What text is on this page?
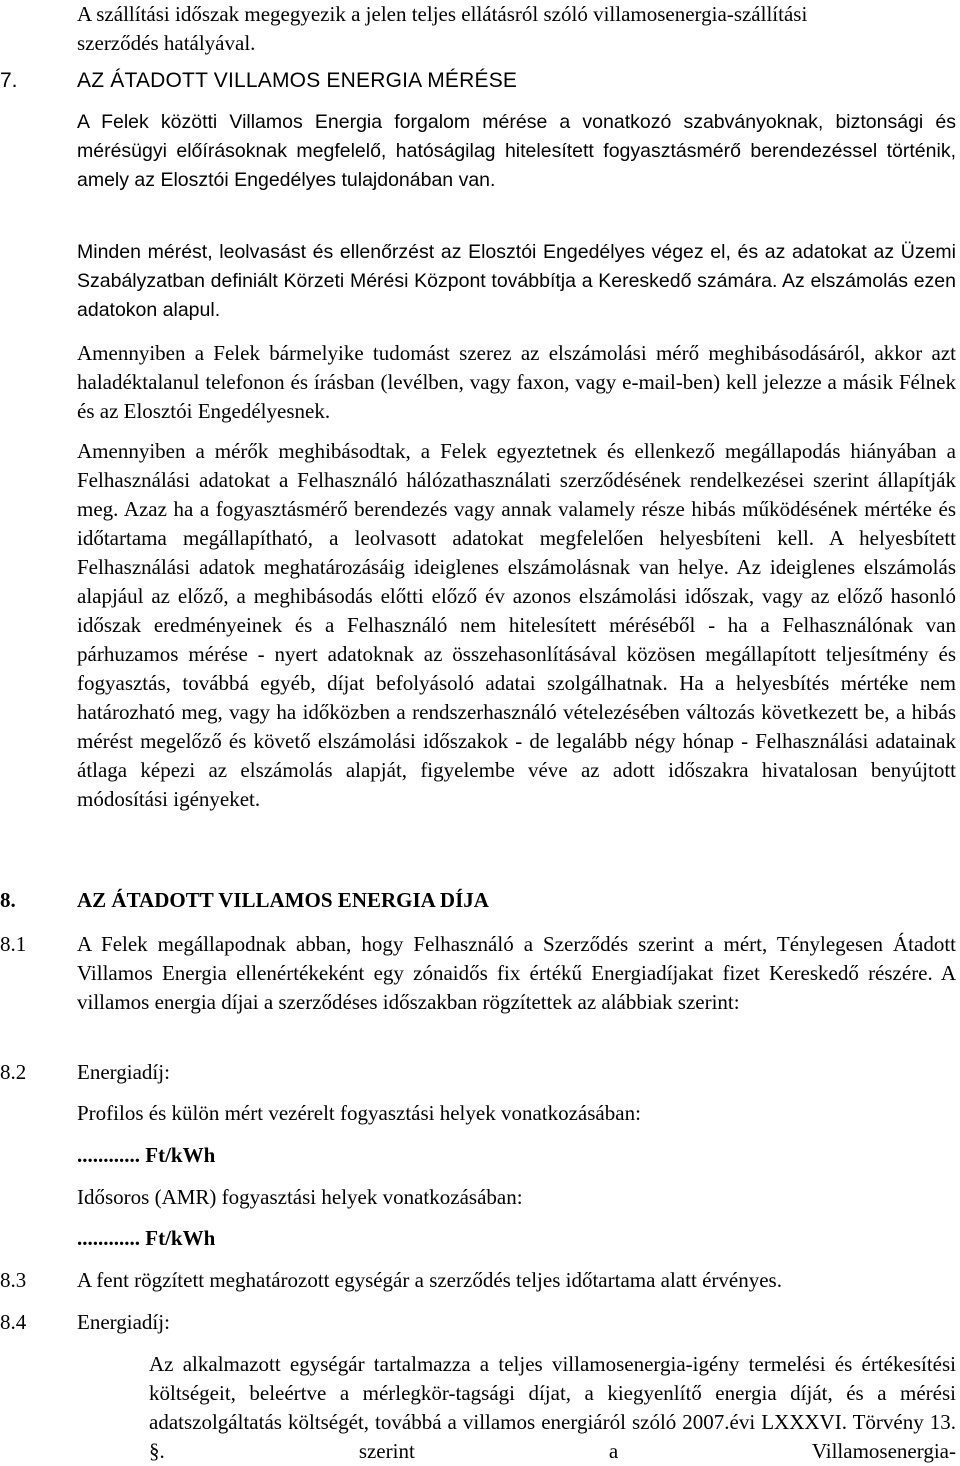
A szállítási időszak megegyezik a jelen teljes ellátásról szóló villamosenergia-szállítási
szerződés hatályával.
7.	AZ ÁTADOTT VILLAMOS ENERGIA MÉRÉSE
A Felek közötti Villamos Energia forgalom mérése a vonatkozó szabványoknak, biztonsági és mérésügyi előírásoknak megfelelő, hatóságilag hitelesített fogyasztásmérő berendezéssel történik, amely az Elosztói Engedélyes tulajdonában van.
Minden mérést, leolvasást és ellenőrzést az Elosztói Engedélyes végez el, és az adatokat az Üzemi Szabályzatban definiált Körzeti Mérési Központ továbbítja a Kereskedő számára. Az elszámolás ezen adatokon alapul.
Amennyiben a Felek bármelyike tudomást szerez az elszámolási mérő meghibásodásáról, akkor azt haladéktalanul telefonon és írásban (levélben, vagy faxon, vagy e-mail-ben) kell jelezze a másik Félnek és az Elosztói Engedélyesnek.
Amennyiben a mérők meghibásodtak, a Felek egyeztetnek és ellenkező megállapodás hiányában a Felhasználási adatokat a Felhasználó hálózathasználati szerződésének rendelkezései szerint állapítják meg. Azaz ha a fogyasztásmérő berendezés vagy annak valamely része hibás működésének mértéke és időtartama megállapítható, a leolvasott adatokat megfelelően helyesbíteni kell. A helyesbített Felhasználási adatok meghatározásáig ideiglenes elszámolásnak van helye. Az ideiglenes elszámolás alapjául az előző, a meghibásodás előtti előző év azonos elszámolási időszak, vagy az előző hasonló időszak eredményeinek és a Felhasználó nem hitelesített méréséből - ha a Felhasználónak van párhuzamos mérése - nyert adatoknak az összehasonlításával közösen megállapított teljesítmény és fogyasztás, továbbá egyéb, díjat befolyásoló adatai szolgálhatnak. Ha a helyesbítés mértéke nem határozható meg, vagy ha időközben a rendszerhasználó vételezésében változás következett be, a hibás mérést megelőző és követő elszámolási időszakok - de legalább négy hónap - Felhasználási adatainak átlaga képezi az elszámolás alapját, figyelembe véve az adott időszakra hivatalosan benyújtott módosítási igényeket.
8.	AZ ÁTADOTT VILLAMOS ENERGIA DÍJA
8.1 A Felek megállapodnak abban, hogy Felhasználó a Szerződés szerint a mért, Ténylegesen Átadott Villamos Energia ellenértékeként egy zónaidős fix értékű Energiadíjakat fizet Kereskedő részére. A villamos energia díjai a szerződéses időszakban rögzítettek az alábbiak szerint:
8.2 Energiadíj:
Profilos és külön mért vezérelt fogyasztási helyek vonatkozásában:
............ Ft/kWh
Idősoros (AMR) fogyasztási helyek vonatkozásában:
............ Ft/kWh
8.3 A fent rögzített meghatározott egységár a szerződés teljes időtartama alatt érvényes.
8.4 Energiadíj:
Az alkalmazott egységár tartalmazza a teljes villamosenergia-igény termelési és értékesítési költségeit, beleértve a mérlegkör-tagsági díjat, a kiegyenlítő energia díját, és a mérési adatszolgáltatás költségét, továbbá a villamos energiáról szóló 2007.évi LXXXVI. Törvény 13. §. szerint a Villamosenergia-
